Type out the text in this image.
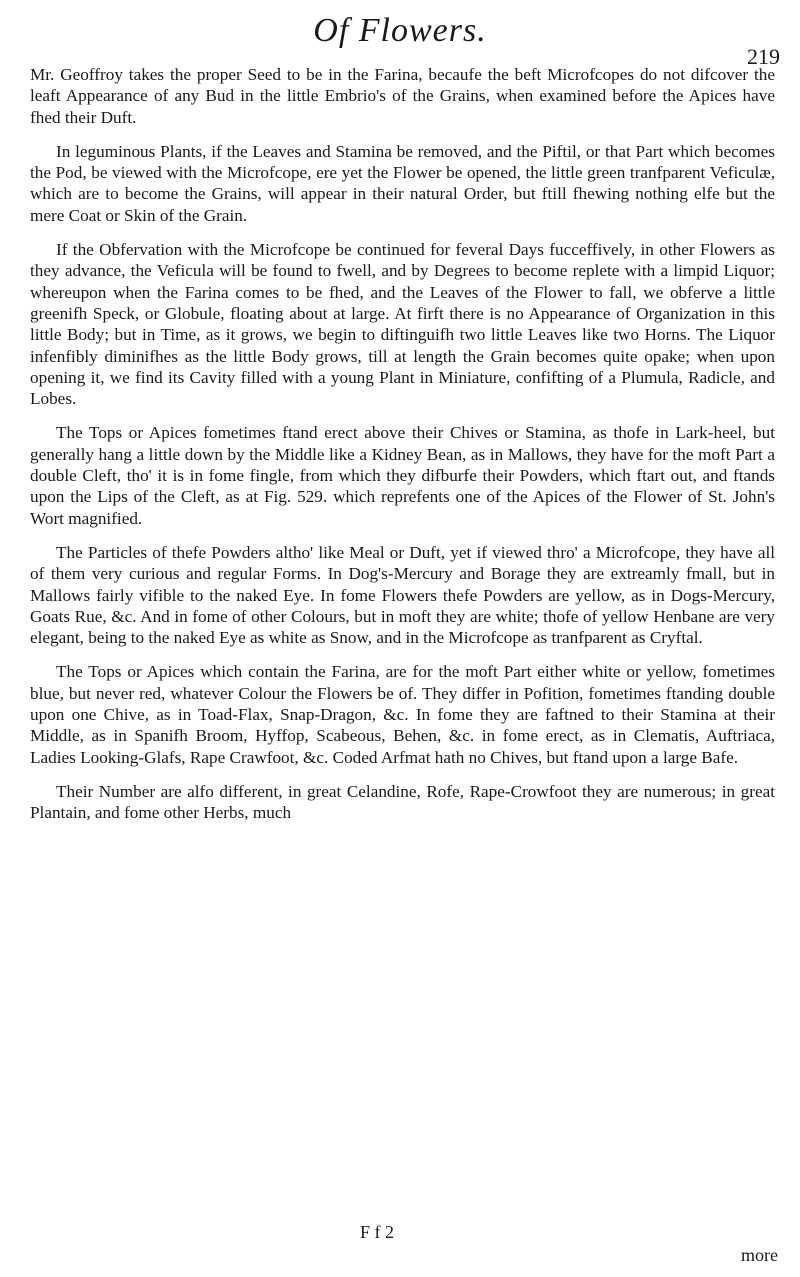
Of Flowers.
219

Mr. Geoffroy takes the proper Seed to be in the Farina, becaufe the beft Microfcopes do not difcover the leaft Appearance of any Bud in the little Embrio's of the Grains, when examined before the Apices have fhed their Duft.

In leguminous Plants, if the Leaves and Stamina be removed, and the Piftil, or that Part which becomes the Pod, be viewed with the Microfcope, ere yet the Flower be opened, the little green tranfparent Veficulæ, which are to become the Grains, will appear in their natural Order, but ftill fhewing nothing elfe but the mere Coat or Skin of the Grain.

If the Obfervation with the Microfcope be continued for feveral Days fucceffively, in other Flowers as they advance, the Veficula will be found to fwell, and by Degrees to become replete with a limpid Liquor; whereupon when the Farina comes to be fhed, and the Leaves of the Flower to fall, we obferve a little greenifh Speck, or Globule, floating about at large. At firft there is no Appearance of Organization in this little Body; but in Time, as it grows, we begin to diftinguifh two little Leaves like two Horns. The Liquor infenfibly diminifhes as the little Body grows, till at length the Grain becomes quite opake; when upon opening it, we find its Cavity filled with a young Plant in Miniature, confifting of a Plumula, Radicle, and Lobes.

The Tops or Apices fometimes ftand erect above their Chives or Stamina, as thofe in Lark-heel, but generally hang a little down by the Middle like a Kidney Bean, as in Mallows, they have for the moft Part a double Cleft, tho' it is in fome fingle, from which they difburfe their Powders, which ftart out, and ftands upon the Lips of the Cleft, as at Fig. 529. which reprefents one of the Apices of the Flower of St. John's Wort magnified.

The Particles of thefe Powders altho' like Meal or Duft, yet if viewed thro' a Microfcope, they have all of them very curious and regular Forms. In Dog's-Mercury and Borage they are extreamly fmall, but in Mallows fairly vifible to the naked Eye. In fome Flowers thefe Powders are yellow, as in Dogs-Mercury, Goats Rue, &c. And in fome of other Colours, but in moft they are white; thofe of yellow Henbane are very elegant, being to the naked Eye as white as Snow, and in the Microfcope as tranfparent as Cryftal.

The Tops or Apices which contain the Farina, are for the moft Part either white or yellow, fometimes blue, but never red, whatever Colour the Flowers be of. They differ in Pofition, fometimes ftanding double upon one Chive, as in Toad-Flax, Snap-Dragon, &c. In fome they are faftned to their Stamina at their Middle, as in Spanifh Broom, Hyffop, Scabeous, Behen, &c. in fome erect, as in Clematis, Auftriaca, Ladies Looking-Glafs, Rape Crawfoot, &c. Coded Arfmat hath no Chives, but ftand upon a large Bafe.

Their Number are alfo different, in great Celandine, Rofe, Rape-Crowfoot they are numerous; in great Plantain, and fome other Herbs, much

F f 2
more
